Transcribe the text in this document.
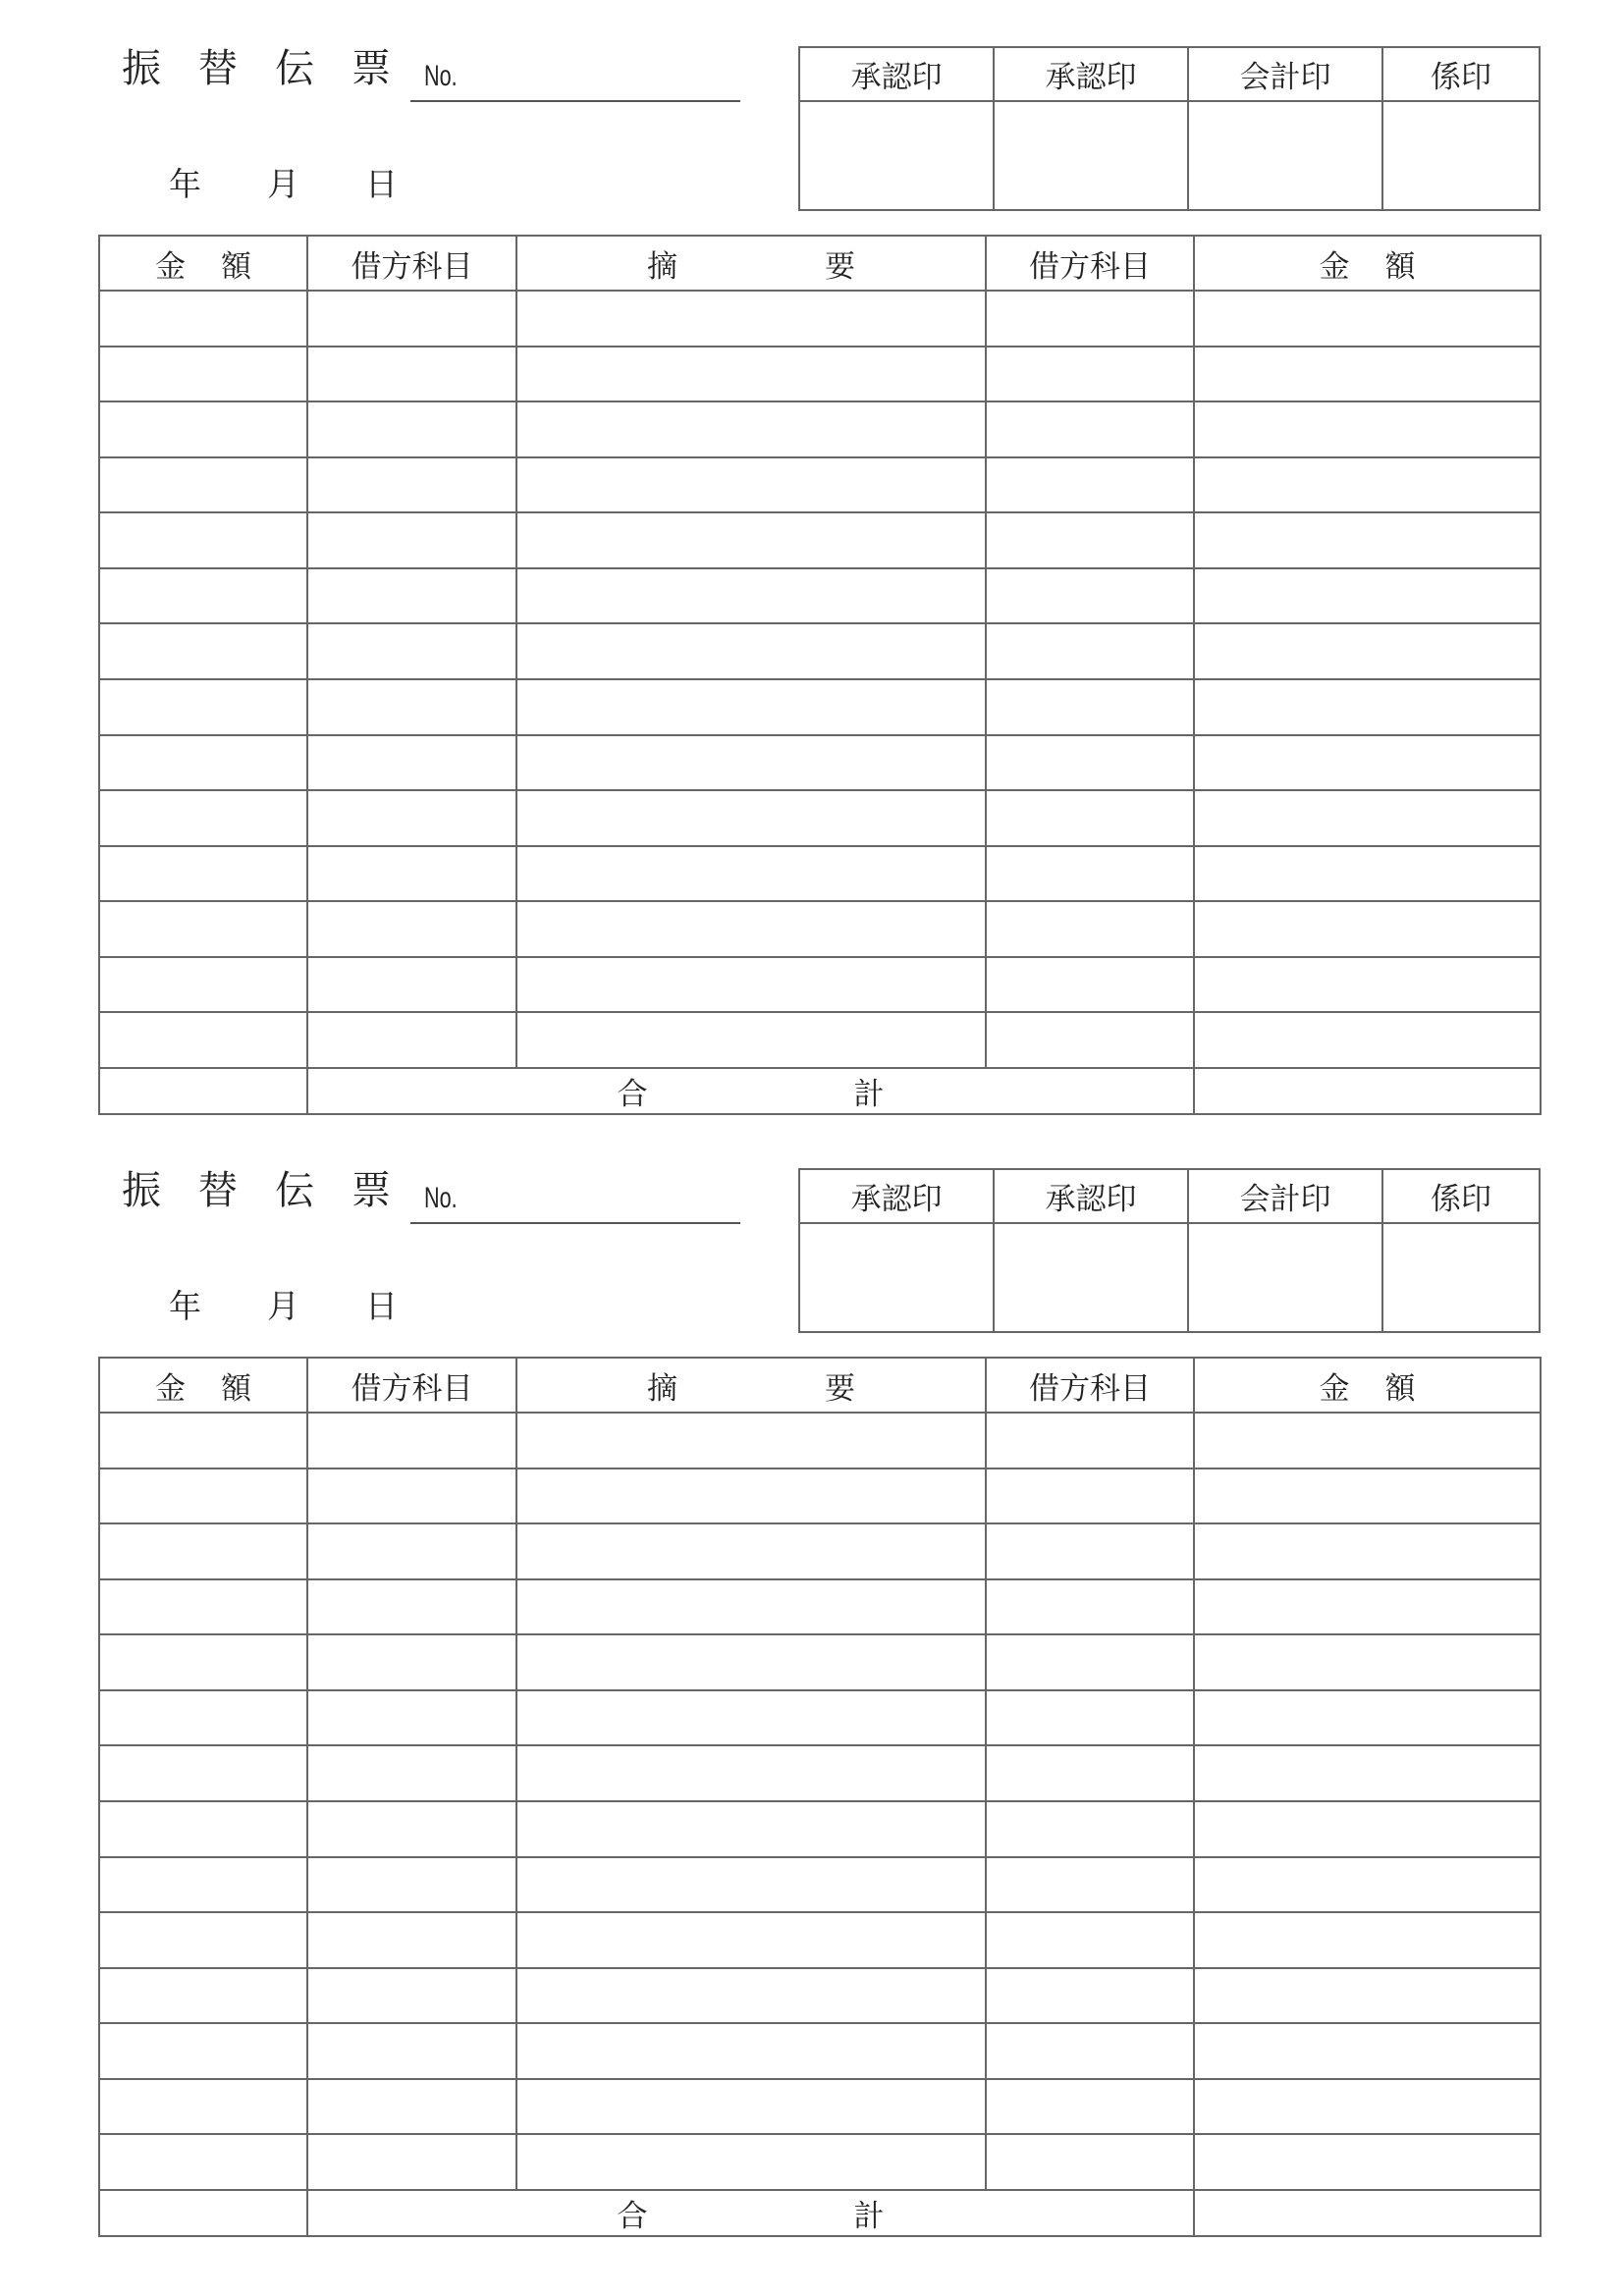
振 替 伝 票 No.
年 月 日
承認印	承認印	会計印	係印

金 額	借方科目	摘 要	借方科目	金 額

	合 計			
振 替 伝 票 No.
年 月 日
承認印	承認印	会計印	係印

金 額	借方科目	摘 要	借方科目	金 額

	合 計			
